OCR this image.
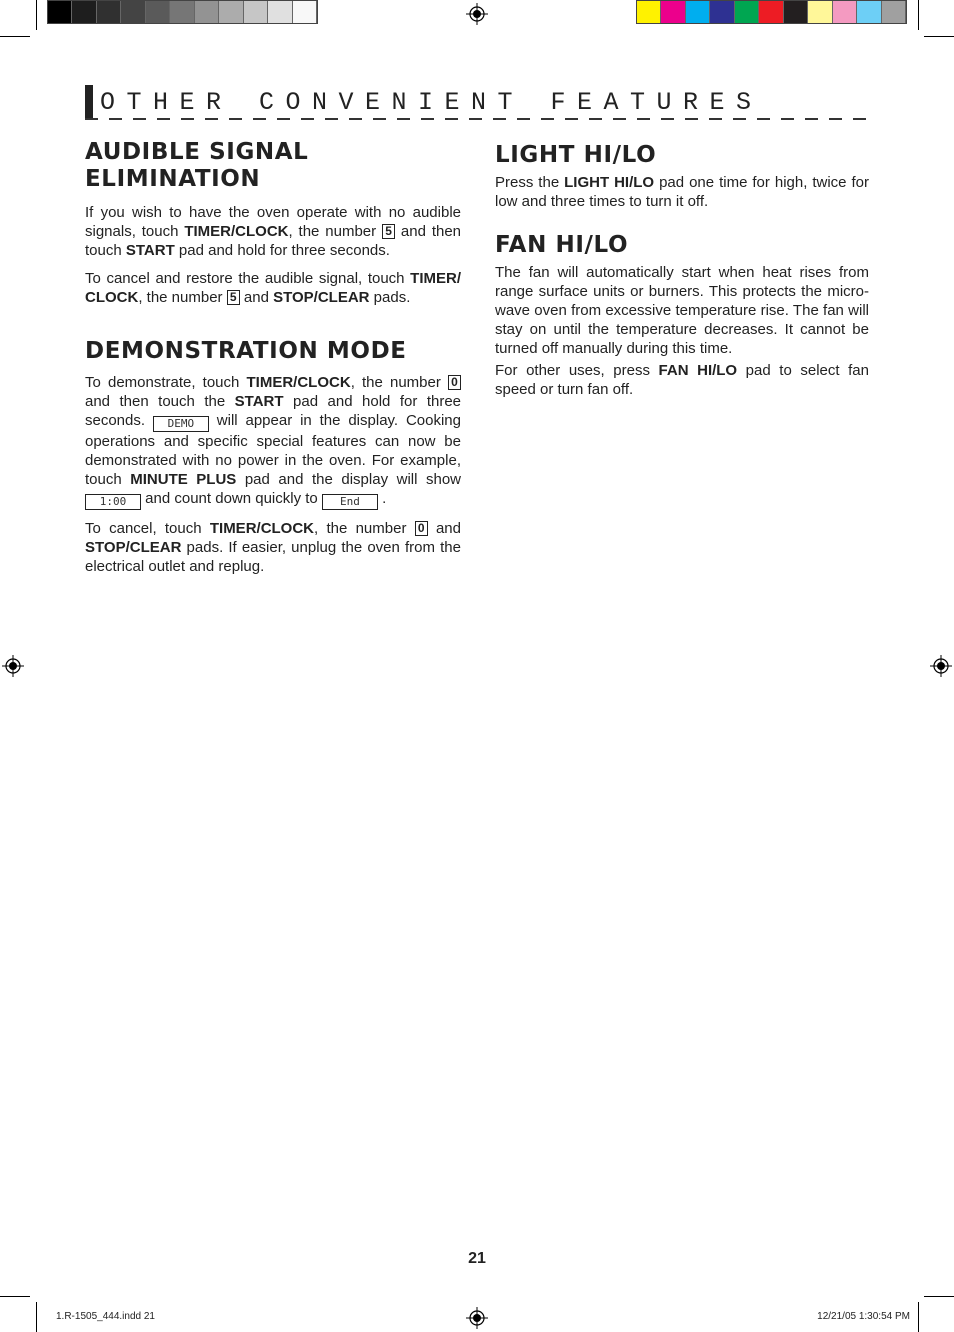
OTHER CONVENIENT FEATURES
AUDIBLE SIGNAL
ELIMINATION

If you wish to have the oven operate with no audible signals, touch TIMER/CLOCK, the number 5 and then touch START pad and hold for three seconds.

To cancel and restore the audible signal, touch TIMER/ CLOCK, the number 5 and STOP/CLEAR pads.

DEMONSTRATION MODE

To demonstrate, touch TIMER/CLOCK, the number 0 and then touch the START pad and hold for three seconds. DEMO will appear in the display. Cooking operations and specific special features can now be demonstrated with no power in the oven. For example, touch MINUTE PLUS pad and the display will show 1:00 and count down quickly to End .

To cancel, touch TIMER/CLOCK, the number 0 and STOP/CLEAR pads. If easier, unplug the oven from the electrical outlet and replug.

LIGHT HI/LO

Press the LIGHT HI/LO pad one time for high, twice for low and three times to turn it off.

FAN HI/LO

The fan will automatically start when heat rises from range surface units or burners. This protects the micro-wave oven from excessive temperature rise. The fan will stay on until the temperature decreases. It cannot be turned off manually during this time.

For other uses, press FAN HI/LO pad to select fan speed or turn fan off.

21
1.R-1505_444.indd 21	12/21/05 1:30:54 PM
